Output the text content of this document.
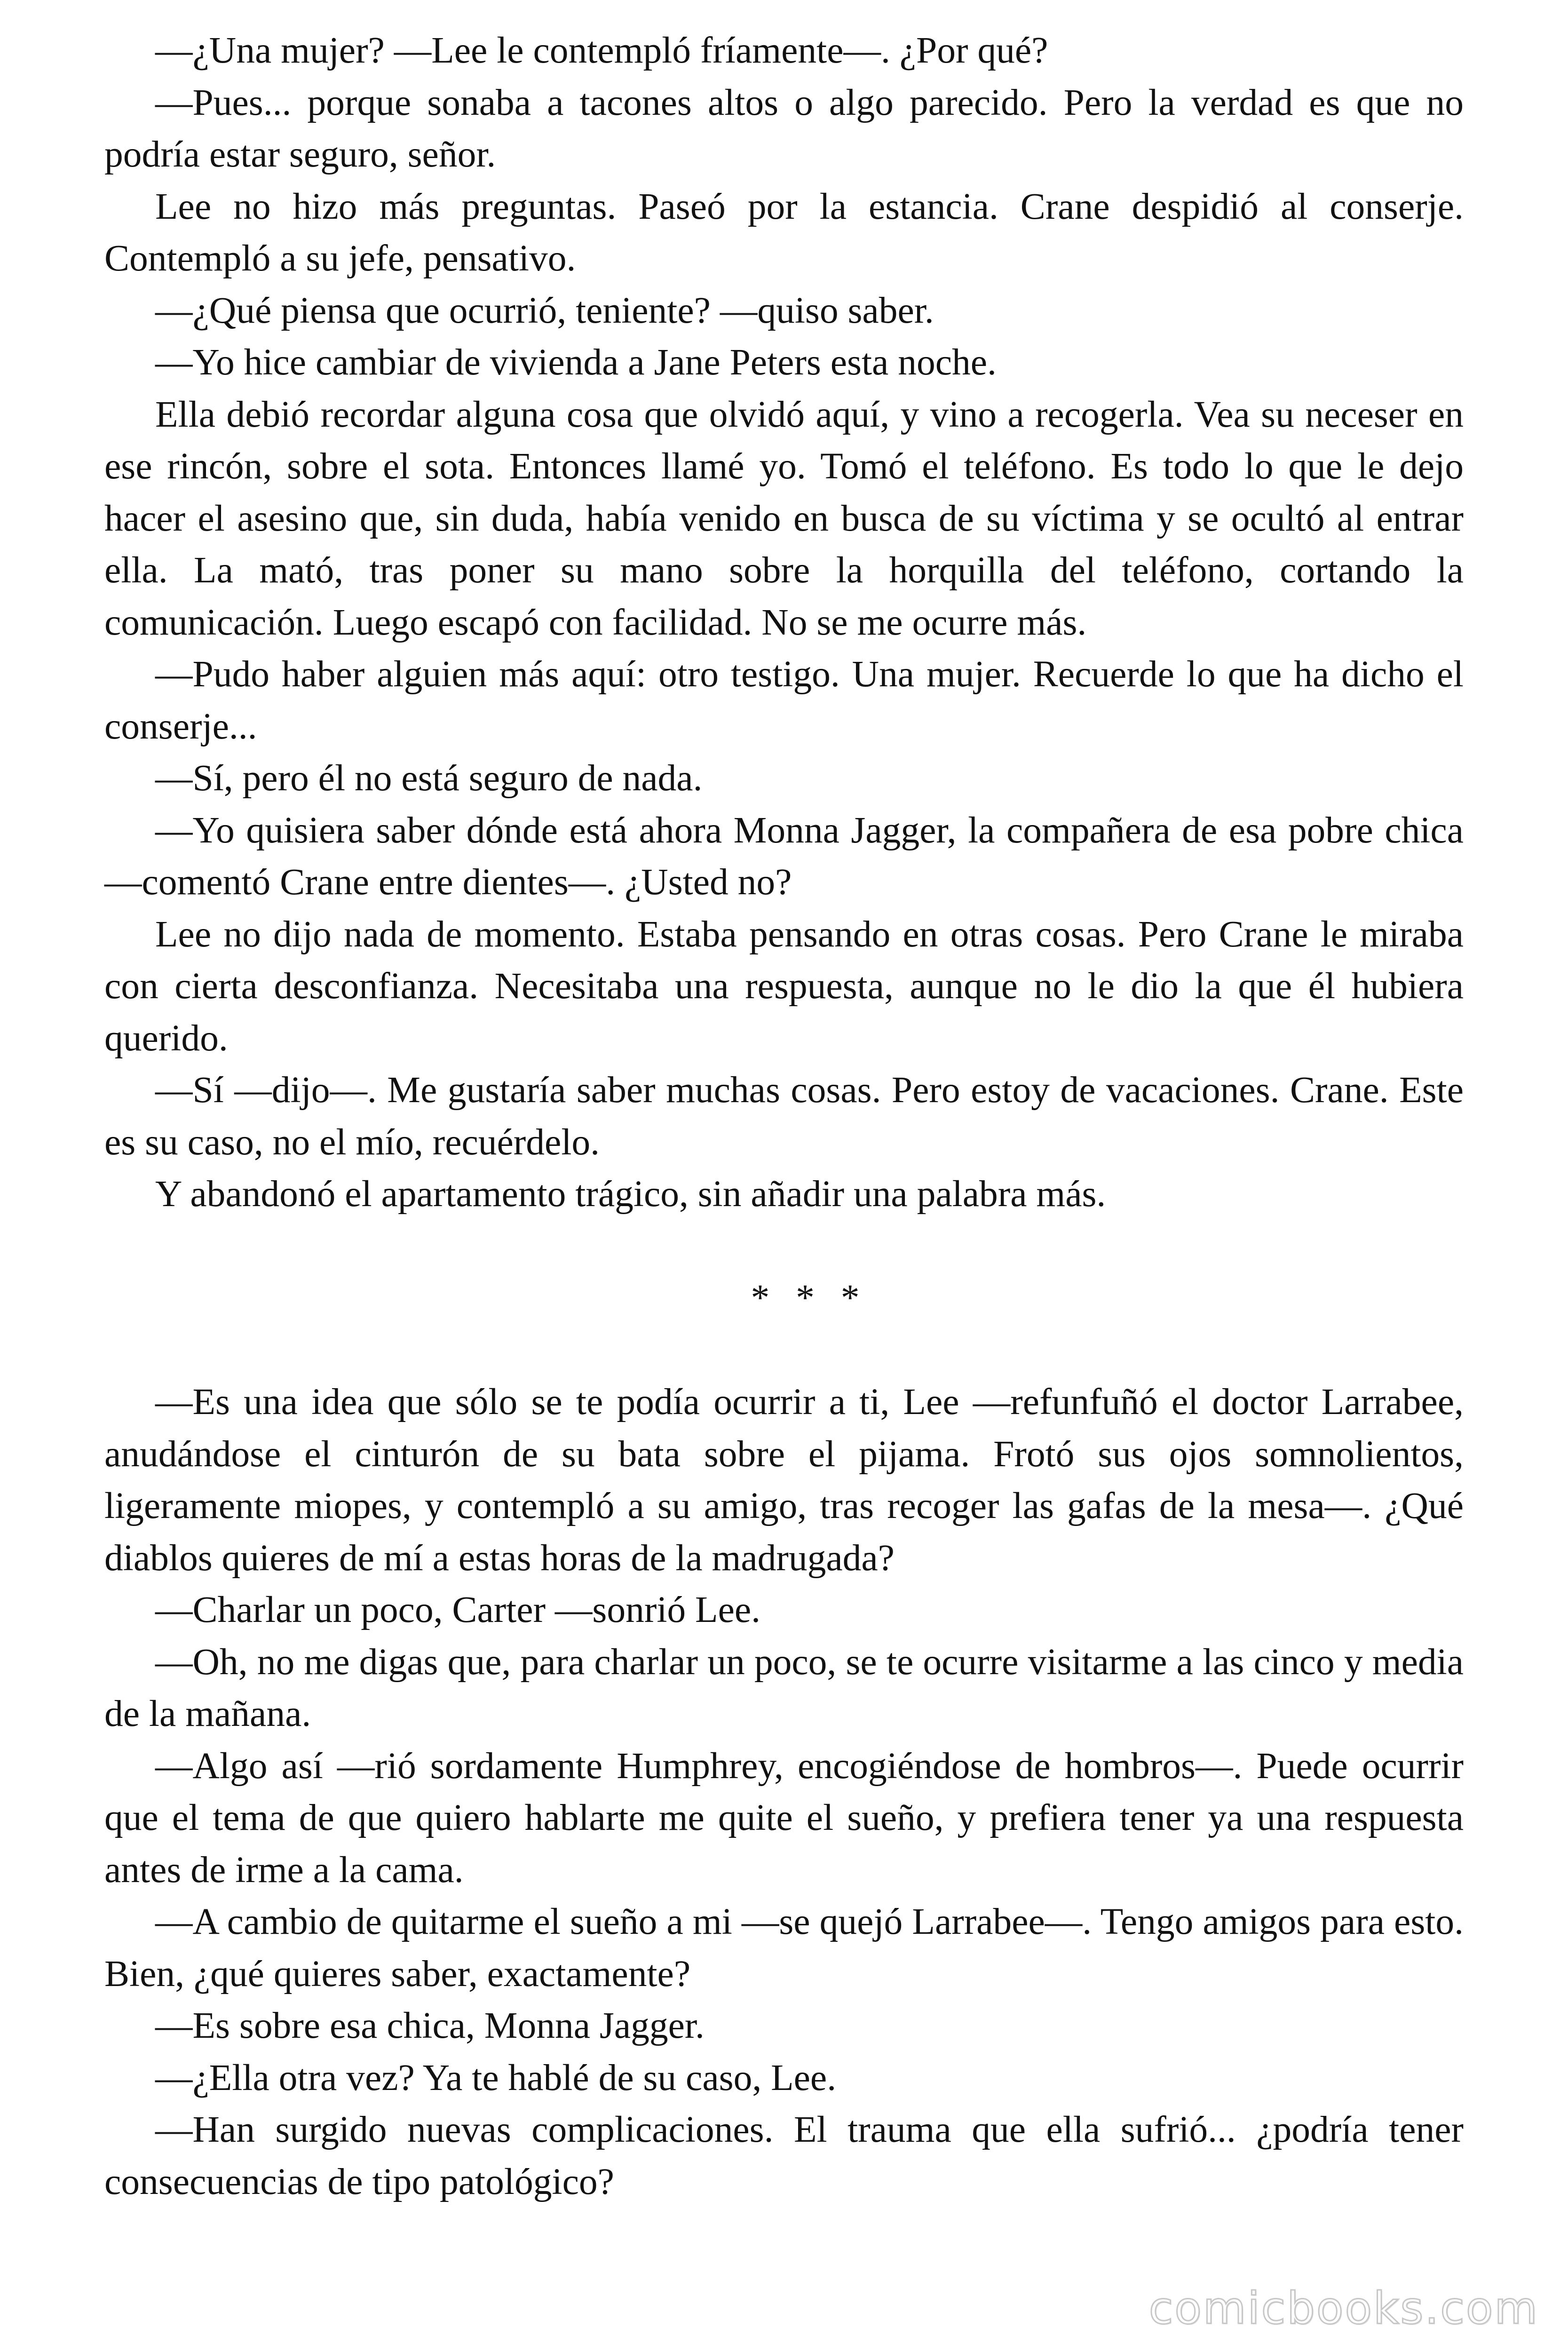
—¿Una mujer? —Lee le contempló fríamente—. ¿Por qué?

—Pues... porque sonaba a tacones altos o algo parecido. Pero la verdad es que no podría estar seguro, señor.

Lee no hizo más preguntas. Paseó por la estancia. Crane despidió al conserje. Contempló a su jefe, pensativo.

—¿Qué piensa que ocurrió, teniente? —quiso saber.

—Yo hice cambiar de vivienda a Jane Peters esta noche.

Ella debió recordar alguna cosa que olvidó aquí, y vino a recogerla. Vea su neceser en ese rincón, sobre el sota. Entonces llamé yo. Tomó el teléfono. Es todo lo que le dejo hacer el asesino que, sin duda, había venido en busca de su víctima y se ocultó al entrar ella. La mató, tras poner su mano sobre la horquilla del teléfono, cortando la comunicación. Luego escapó con facilidad. No se me ocurre más.

—Pudo haber alguien más aquí: otro testigo. Una mujer. Recuerde lo que ha dicho el conserje...

—Sí, pero él no está seguro de nada.

—Yo quisiera saber dónde está ahora Monna Jagger, la compañera de esa pobre chica —comentó Crane entre dientes—. ¿Usted no?

Lee no dijo nada de momento. Estaba pensando en otras cosas. Pero Crane le miraba con cierta desconfianza. Necesitaba una respuesta, aunque no le dio la que él hubiera querido.

—Sí —dijo—. Me gustaría saber muchas cosas. Pero estoy de vacaciones. Crane. Este es su caso, no el mío, recuérdelo.

Y abandonó el apartamento trágico, sin añadir una palabra más.

* * *

—Es una idea que sólo se te podía ocurrir a ti, Lee —refunfuñó el doctor Larrabee, anudándose el cinturón de su bata sobre el pijama. Frotó sus ojos somnolientos, ligeramente miopes, y contempló a su amigo, tras recoger las gafas de la mesa—. ¿Qué diablos quieres de mí a estas horas de la madrugada?

—Charlar un poco, Carter —sonrió Lee.

—Oh, no me digas que, para charlar un poco, se te ocurre visitarme a las cinco y media de la mañana.

—Algo así —rió sordamente Humphrey, encogiéndose de hombros—. Puede ocurrir que el tema de que quiero hablarte me quite el sueño, y prefiera tener ya una respuesta antes de irme a la cama.

—A cambio de quitarme el sueño a mi —se quejó Larrabee—. Tengo amigos para esto. Bien, ¿qué quieres saber, exactamente?

—Es sobre esa chica, Monna Jagger.

—¿Ella otra vez? Ya te hablé de su caso, Lee.

—Han surgido nuevas complicaciones. El trauma que ella sufrió... ¿podría tener consecuencias de tipo patológico?

comicbooks.com
